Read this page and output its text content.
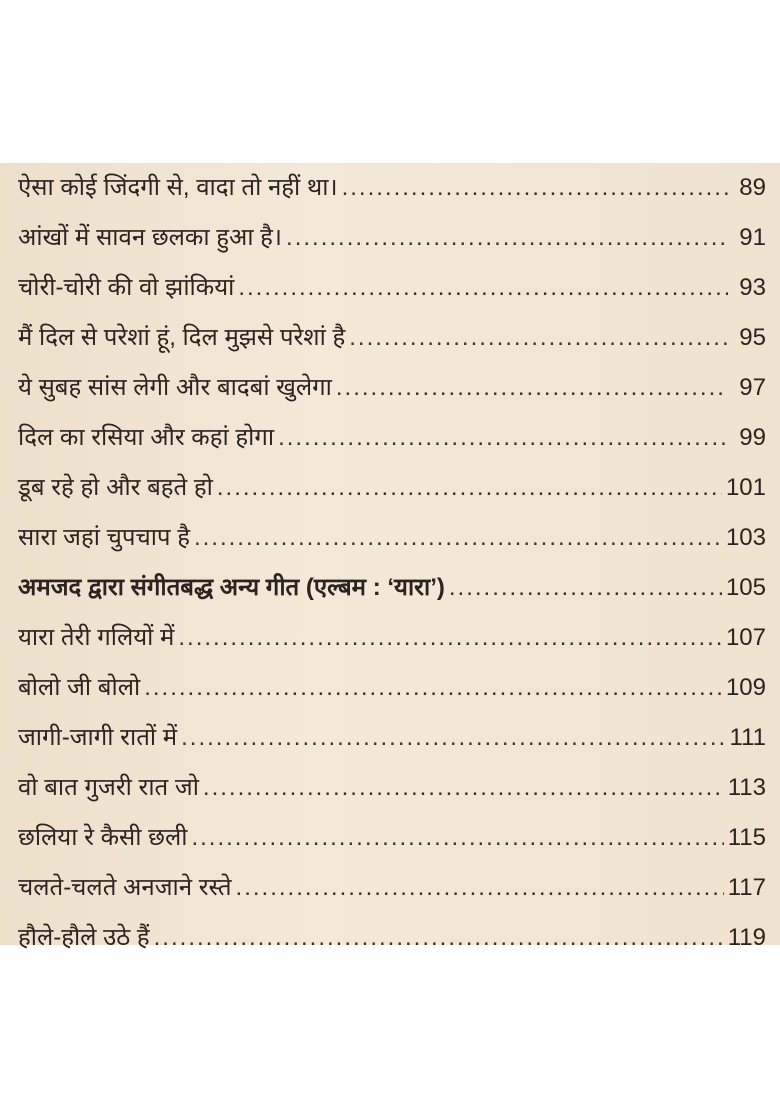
ऐसा कोई जिंदगी से, वादा तो नहीं था। .....	89
आंखों में सावन छलका हुआ है। .....	91
चोरी-चोरी की वो झांकियां .....	93
मैं दिल से परेशां हूं, दिल मुझसे परेशां है .....	95
ये सुबह सांस लेगी और बादबां खुलेगा .....	97
दिल का रसिया और कहां होगा .....	99
डूब रहे हो और बहते हो .....	101
सारा जहां चुपचाप है .....	103
अमजद द्वारा संगीतबद्ध अन्य गीत (एल्बम : ‘यारा’) .....	105
यारा तेरी गलियों में .....	107
बोलो जी बोलो .....	109
जागी-जागी रातों में .....	111
वो बात गुजरी रात जो .....	113
छलिया रे कैसी छली .....	115
चलते-चलते अनजाने रस्ते .....	117
हौले-हौले उठे हैं .....	119
